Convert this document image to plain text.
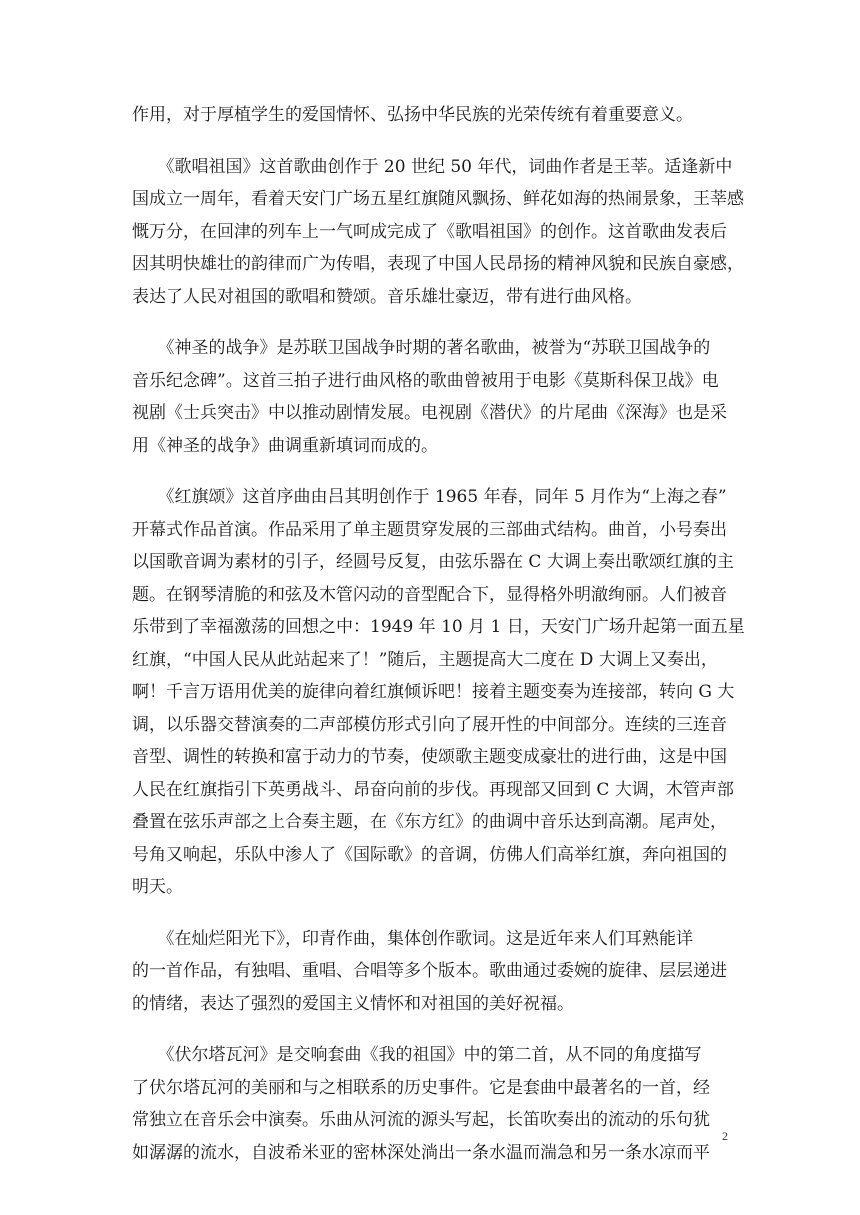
作用，对于厚植学生的爱国情怀、弘扬中华民族的光荣传统有着重要意义。

　　《歌唱祖国》这首歌曲创作于 20 世纪 50 年代，词曲作者是王莘。适逢新中
国成立一周年，看着天安门广场五星红旗随风飘扬、鲜花如海的热闹景象，王莘感
慨万分，在回津的列车上一气呵成完成了《歌唱祖国》的创作。这首歌曲发表后
因其明快雄壮的韵律而广为传唱，表现了中国人民昂扬的精神风貌和民族自豪感，
表达了人民对祖国的歌唱和赞颂。音乐雄壮豪迈，带有进行曲风格。

　　《神圣的战争》是苏联卫国战争时期的著名歌曲，被誉为“苏联卫国战争的
音乐纪念碑”。这首三拍子进行曲风格的歌曲曾被用于电影《莫斯科保卫战》电
视剧《士兵突击》中以推动剧情发展。电视剧《潜伏》的片尾曲《深海》也是采
用《神圣的战争》曲调重新填词而成的。

　　《红旗颂》这首序曲由吕其明创作于 1965 年春，同年 5 月作为“上海之春”
开幕式作品首演。作品采用了单主题贯穿发展的三部曲式结构。曲首，小号奏出
以国歌音调为素材的引子，经圆号反复，由弦乐器在 C 大调上奏出歌颂红旗的主
题。在钢琴清脆的和弦及木管闪动的音型配合下，显得格外明澈绚丽。人们被音
乐带到了幸福激荡的回想之中：1949 年 10 月 1 日，天安门广场升起第一面五星
红旗，“中国人民从此站起来了！”随后，主题提高大二度在 D 大调上又奏出，
啊！千言万语用优美的旋律向着红旗倾诉吧！接着主题变奏为连接部，转向 G 大
调，以乐器交替演奏的二声部模仿形式引向了展开性的中间部分。连续的三连音
音型、调性的转换和富于动力的节奏，使颂歌主题变成豪壮的进行曲，这是中国
人民在红旗指引下英勇战斗、昂奋向前的步伐。再现部又回到 C 大调，木管声部
叠置在弦乐声部之上合奏主题，在《东方红》的曲调中音乐达到高潮。尾声处，
号角又响起，乐队中渗人了《国际歌》的音调，仿佛人们高举红旗，奔向祖国的
明天。

　　《在灿烂阳光下》，印青作曲，集体创作歌词。这是近年来人们耳熟能详
的一首作品，有独唱、重唱、合唱等多个版本。歌曲通过委婉的旋律、层层递进
的情绪，表达了强烈的爱国主义情怀和对祖国的美好祝福。

　　《伏尔塔瓦河》是交响套曲《我的祖国》中的第二首，从不同的角度描写
了伏尔塔瓦河的美丽和与之相联系的历史事件。它是套曲中最著名的一首，经
常独立在音乐会中演奏。乐曲从河流的源头写起，长笛吹奏出的流动的乐句犹
如潺潺的流水，自波希米亚的密林深处淌出一条水温而湍急和另一条水凉而平

2
